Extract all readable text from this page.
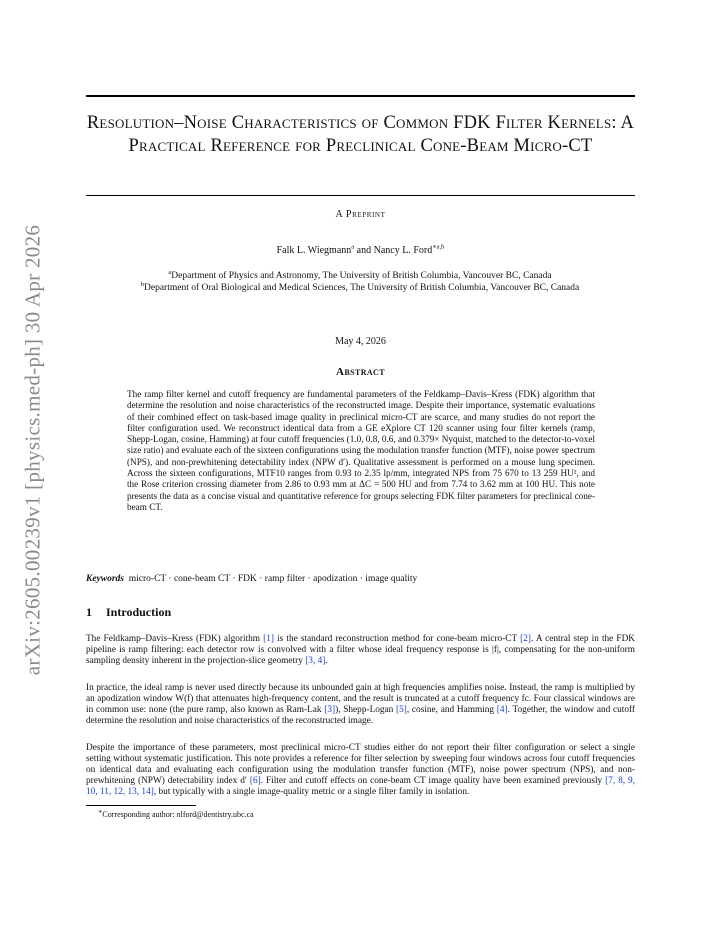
arXiv:2605.00239v1 [physics.med-ph] 30 Apr 2026
Resolution–Noise Characteristics of Common FDK Filter Kernels: A Practical Reference for Preclinical Cone-Beam Micro-CT
A Preprint
Falk L. Wiegmann$^a$ and Nancy L. Ford$^{∗a,b}$
$^a$Department of Physics and Astronomy, The University of British Columbia, Vancouver BC, Canada
$^b$Department of Oral Biological and Medical Sciences, The University of British Columbia, Vancouver BC, Canada
May 4, 2026
Abstract
The ramp filter kernel and cutoff frequency are fundamental parameters of the Feldkamp–Davis–Kress (FDK) algorithm that determine the resolution and noise characteristics of the reconstructed image. Despite their importance, systematic evaluations of their combined effect on task-based image quality in preclinical micro-CT are scarce, and many studies do not report the filter configuration used. We reconstruct identical data from a GE eXplore CT 120 scanner using four filter kernels (ramp, Shepp-Logan, cosine, Hamming) at four cutoff frequencies (1.0, 0.8, 0.6, and 0.379× Nyquist, matched to the detector-to-voxel size ratio) and evaluate each of the sixteen configurations using the modulation transfer function (MTF), noise power spectrum (NPS), and non-prewhitening detectability index (NPW d′). Qualitative assessment is performed on a mouse lung specimen. Across the sixteen configurations, MTF10 ranges from 0.93 to 2.35 lp/mm, integrated NPS from 75 670 to 13 259 HU², and the Rose criterion crossing diameter from 2.86 to 0.93 mm at ΔC = 500 HU and from 7.74 to 3.62 mm at 100 HU. This note presents the data as a concise visual and quantitative reference for groups selecting FDK filter parameters for preclinical cone-beam CT.
Keywords micro-CT · cone-beam CT · FDK · ramp filter · apodization · image quality
1 Introduction

The Feldkamp–Davis–Kress (FDK) algorithm [1] is the standard reconstruction method for cone-beam micro-CT [2]. A central step in the FDK pipeline is ramp filtering: each detector row is convolved with a filter whose ideal frequency response is |f|, compensating for the non-uniform sampling density inherent in the projection-slice geometry [3, 4].

In practice, the ideal ramp is never used directly because its unbounded gain at high frequencies amplifies noise. Instead, the ramp is multiplied by an apodization window W(f) that attenuates high-frequency content, and the result is truncated at a cutoff frequency fc. Four classical windows are in common use: none (the pure ramp, also known as Ram-Lak [3]), Shepp-Logan [5], cosine, and Hamming [4]. Together, the window and cutoff determine the resolution and noise characteristics of the reconstructed image.

Despite the importance of these parameters, most preclinical micro-CT studies either do not report their filter configuration or select a single setting without systematic justification. This note provides a reference for filter selection by sweeping four windows across four cutoff frequencies on identical data and evaluating each configuration using the modulation transfer function (MTF), noise power spectrum (NPS), and non-prewhitening (NPW) detectability index d′ [6]. Filter and cutoff effects on cone-beam CT image quality have been examined previously [7, 8, 9, 10, 11, 12, 13, 14], but typically with a single image-quality metric or a single filter family in isolation.

∗Corresponding author: nlford@dentistry.ubc.ca
